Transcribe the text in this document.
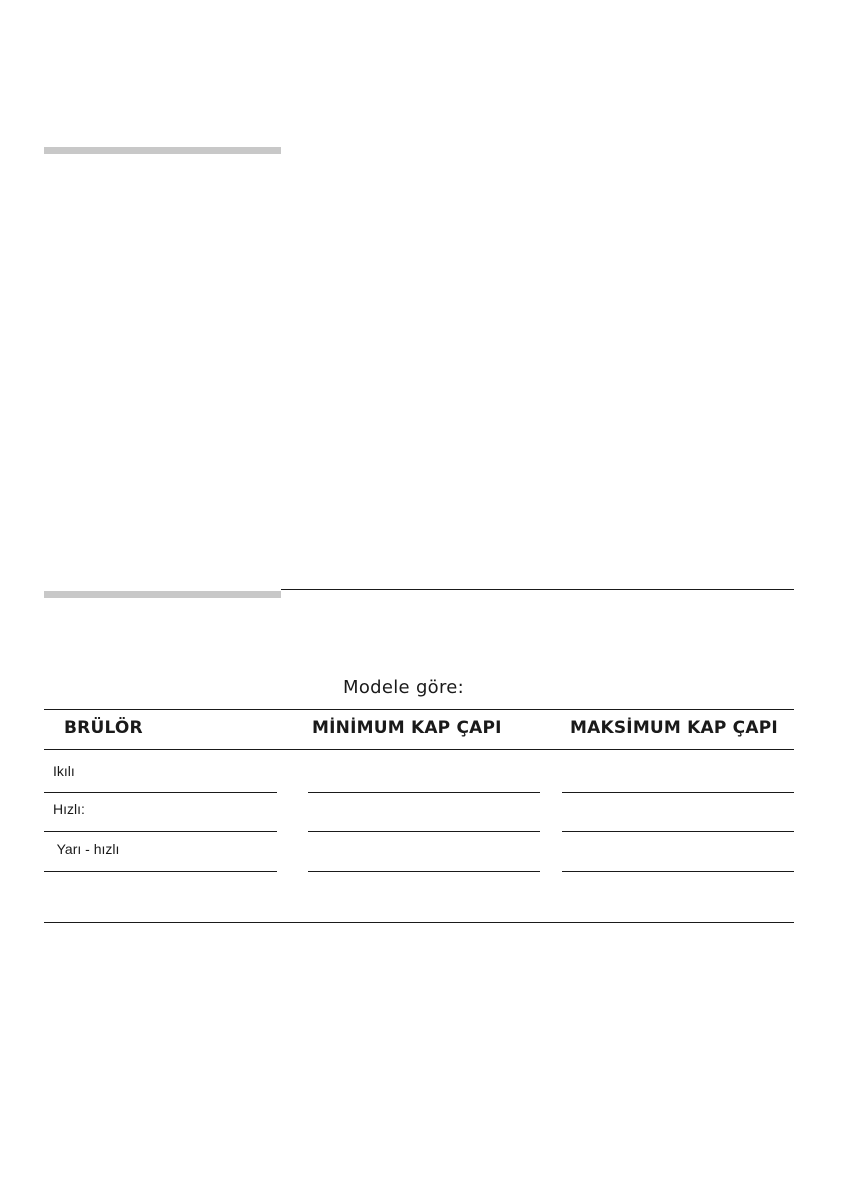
Modele göre:
BRÜLÖR	MİNİMUM KAP ÇAPI	MAKSİMUM KAP ÇAPI
Ikılı
Hızlı:
Yarı - hızlı
